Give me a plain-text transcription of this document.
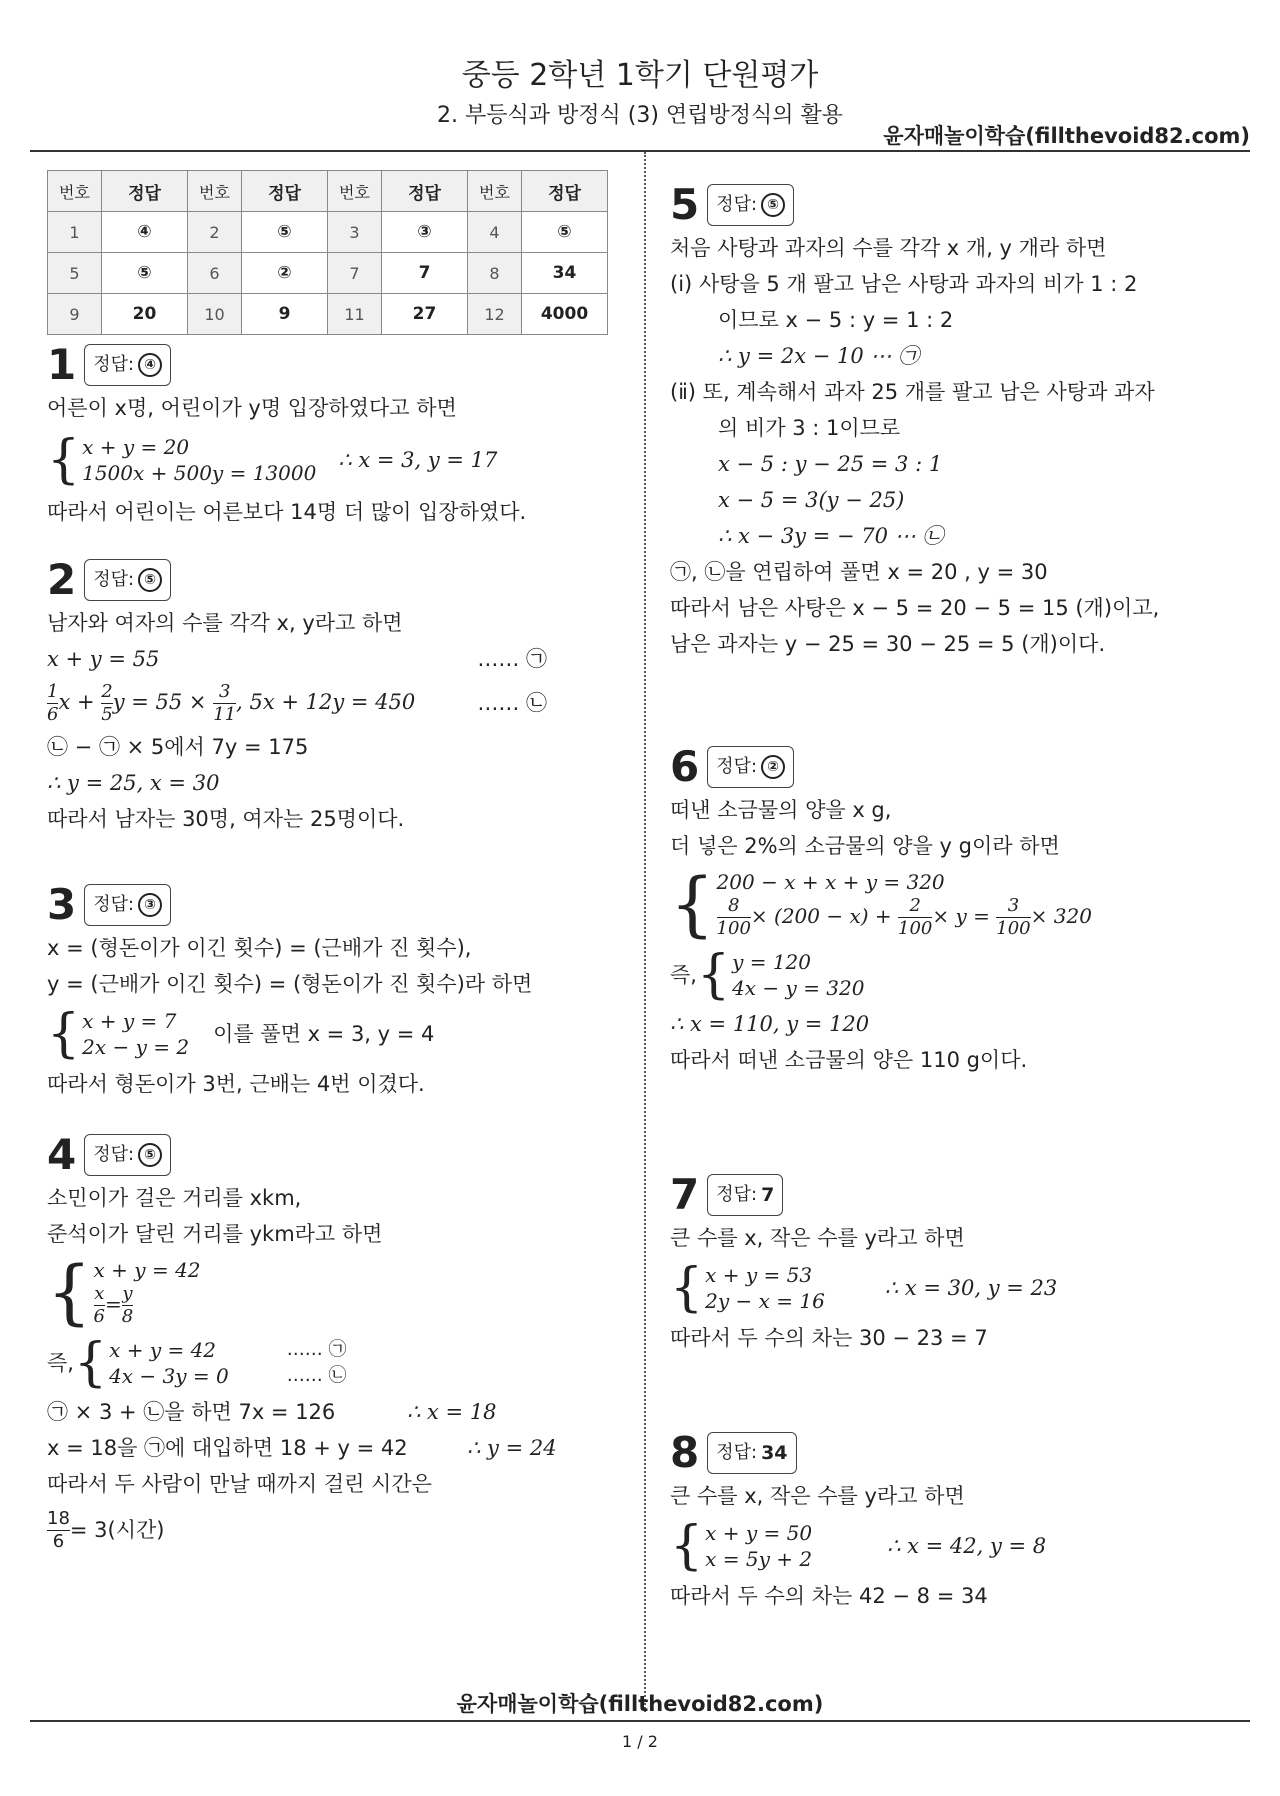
중등 2학년 1학기 단원평가
2. 부등식과 방정식 (3) 연립방정식의 활용
윤자매놀이학습(fillthevoid82.com)
번호	정답	번호	정답	번호	정답	번호	정답
1	④	2	⑤	3	③	4	⑤
5	⑤	6	②	7	7	8	34
9	20	10	9	11	27	12	4000
1 정답: ④
어른이 x명, 어린이가 y명 입장하였다고 하면
{ x + y = 20
1500x + 500y = 13000
∴ x = 3, y = 17
따라서 어린이는 어른보다 14명 더 많이 입장하였다.
2 정답: ⑤
남자와 여자의 수를 각각 x, y라고 하면
x + y = 55	…… ㉠
$\frac{1}{6}$ $x + \frac{2}{5}$ $y = 55 \times \frac{3}{11}$ , 5x + 12y = 450	…… ㉡
㉡ − ㉠ × 5에서 7y = 175
∴ y = 25, x = 30
따라서 남자는 30명, 여자는 25명이다.
3 정답: ③
x = (형돈이가 이긴 횟수) = (근배가 진 횟수),
y = (근배가 이긴 횟수) = (형돈이가 진 횟수)라 하면
{ x + y = 7
2x − y = 2
이를 풀면 x = 3, y = 4
따라서 형돈이가 3번, 근배는 4번 이겼다.
4 정답: ⑤
소민이가 걸은 거리를 xkm,
준석이가 달린 거리를 ykm라고 하면
{ x + y = 42
$\frac{x}{6} = \frac{y}{8}$
즉, { x + y = 42
4x − 3y = 0
…… ㉠
…… ㉡
㉠ × 3 + ㉡을 하면 7x = 126	∴ x = 18
x = 18을 ㉠에 대입하면 18 + y = 42	∴ y = 24
따라서 두 사람이 만날 때까지 걸린 시간은
$\frac{18}{6} = 3$(시간)
5 정답: ⑤
처음 사탕과 과자의 수를 각각 x 개, y 개라 하면
(ⅰ) 사탕을 5 개 팔고 남은 사탕과 과자의 비가 1 : 2
이므로 x − 5 : y = 1 : 2
∴ y = 2x − 10 ⋯ ㉠
(ⅱ) 또, 계속해서 과자 25 개를 팔고 남은 사탕과 과자
의 비가 3 : 1이므로
x − 5 : y − 25 = 3 : 1
x − 5 = 3(y − 25)
∴ x − 3y = − 70 ⋯ ㉡
㉠, ㉡을 연립하여 풀면 x = 20 , y = 30
따라서 남은 사탕은 x − 5 = 20 − 5 = 15 (개)이고,
남은 과자는 y − 25 = 30 − 25 = 5 (개)이다.
6 정답: ②
떠낸 소금물의 양을 x g,
더 넣은 2%의 소금물의 양을 y g이라 하면
{ 200 − x + x + y = 320
$\frac{8}{100} \times (200 - x) + \frac{2}{100} \times y = \frac{3}{100} \times 320$
즉, { y = 120
4x − y = 320
∴ x = 110, y = 120
따라서 떠낸 소금물의 양은 110 g이다.
7 정답: 7
큰 수를 x, 작은 수를 y라고 하면
{ x + y = 53
2y − x = 16
∴ x = 30, y = 23
따라서 두 수의 차는 30 − 23 = 7
8 정답: 34
큰 수를 x, 작은 수를 y라고 하면
{ x + y = 50
x = 5y + 2
∴ x = 42, y = 8
따라서 두 수의 차는 42 − 8 = 34
윤자매놀이학습(fillthevoid82.com)
1 / 2
